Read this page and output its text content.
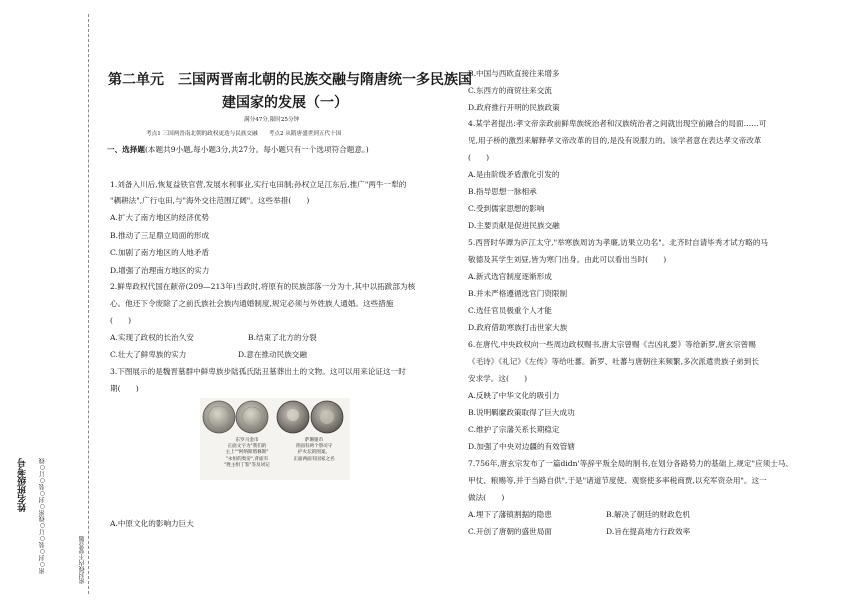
姓名班级考号 密○封○装○订○线密○封○装○订○线	密封线内不要答题
第二单元　三国两晋南北朝的民族交融与隋唐统一多民族国
建国家的发展（一）
满分47分,限时25分钟
考点1 三国两晋南北朝的政权更迭与民族交融　　考点2 从隋唐盛世到五代十国
一、选择题(本题共9小题,每小题3分,共27分。每小题只有一个选项符合题意。)
1.刘备入川后,恢复益铁官营,发展水利事业,实行屯田制;孙权立足江东后,推广"两牛一犁的
"耦耕法",广行屯田,与"海外交往范围辽阔"。这些举措(　　)
A.扩大了南方地区的经济优势
B.推动了三足鼎立局面的形成
C.加剧了南方地区的人地矛盾
D.增强了治理南方地区的实力
2.鲜卑政权代国在献帝(209—213年)当政时,将原有的民族部落一分为十,其中以拓跋部为核
心。他还下令废除了之前氏族社会族内通婚制度,规定必须与外姓族人通婚。这些措施
(　　)
A.实现了政权的长治久安	B.结束了北方的分裂
C.壮大了鲜卑族的实力	D.意在推动民族交融
3.下图展示的是魏晋墓群中鲜卑族步陆孤氏陆丑墓葬出土的文物。这可以用来论证这一时
期(　　)
东罗马金币
正面文字为"我们的
主上""阿纳斯塔修斯"
"永恒的奥帝",背面有
"胜主组丁鉴"等及词记
萨珊银币
背面有两个祭司守
护火坛的图案。
正面两面有国家之名
A.中原文化的影响力巨大
B.中国与西欧直接往来增多
C.东西方的商贸往来交流
D.政府推行开明的民族政策
4.某学者提出:孝文帝亲政前鲜卑族统治者和汉族统治者之间就出现空前融合的局面……可
见,用子桥的激烈来解释孝文帝改革的目的,是没有说服力的。该学者意在表达孝文帝改革
(　　)
A.是由阶级矛盾激化引发的
B.指导思想一脉相承
C.受到儒家思想的影响
D.主要贡献是促进民族交融
5.西晋时华谭为庐江太守,"举寒族周访为孝廉,访果立功名"。北齐时自请毕秀才试方略的马
敬德及其学生刘昼,皆为寒门出身。由此可以看出当时(　　)
A.新式选官制度逐渐形成
B.并未严格遵循选官门资限制
C.选任官员极重个人才能
D.政府借助寒族打击世家大族
6.在唐代,中央政权向一些周边政权赐书,唐太宗曾赐《吉凶礼要》等给新罗,唐玄宗曾赐
《毛诗》《礼记》《左传》等给吐蕃。新罗、吐蕃与唐朝往来频繁,多次派遣贵族子弟到长
安求学。这(　　)
A.反映了中华文化的吸引力
B.说明羁縻政策取得了巨大成功
C.维护了宗藩关系长期稳定
D.加强了中央对边疆的有效管辖
7.756年,唐玄宗发布了一篇didn'等辞平叛全局的制书,在划分各路势力的基础上,规定"应须士马、
甲仗、粮赐等,并于当路自供",于是"诸道节度使、观察使多率税商贾,以充军资杂用"。这一
做法(　　)
A.埋下了藩镇割据的隐患	B.解决了朝廷的财政危机
C.开创了唐朝的盛世局面	D.旨在提高地方行政效率
